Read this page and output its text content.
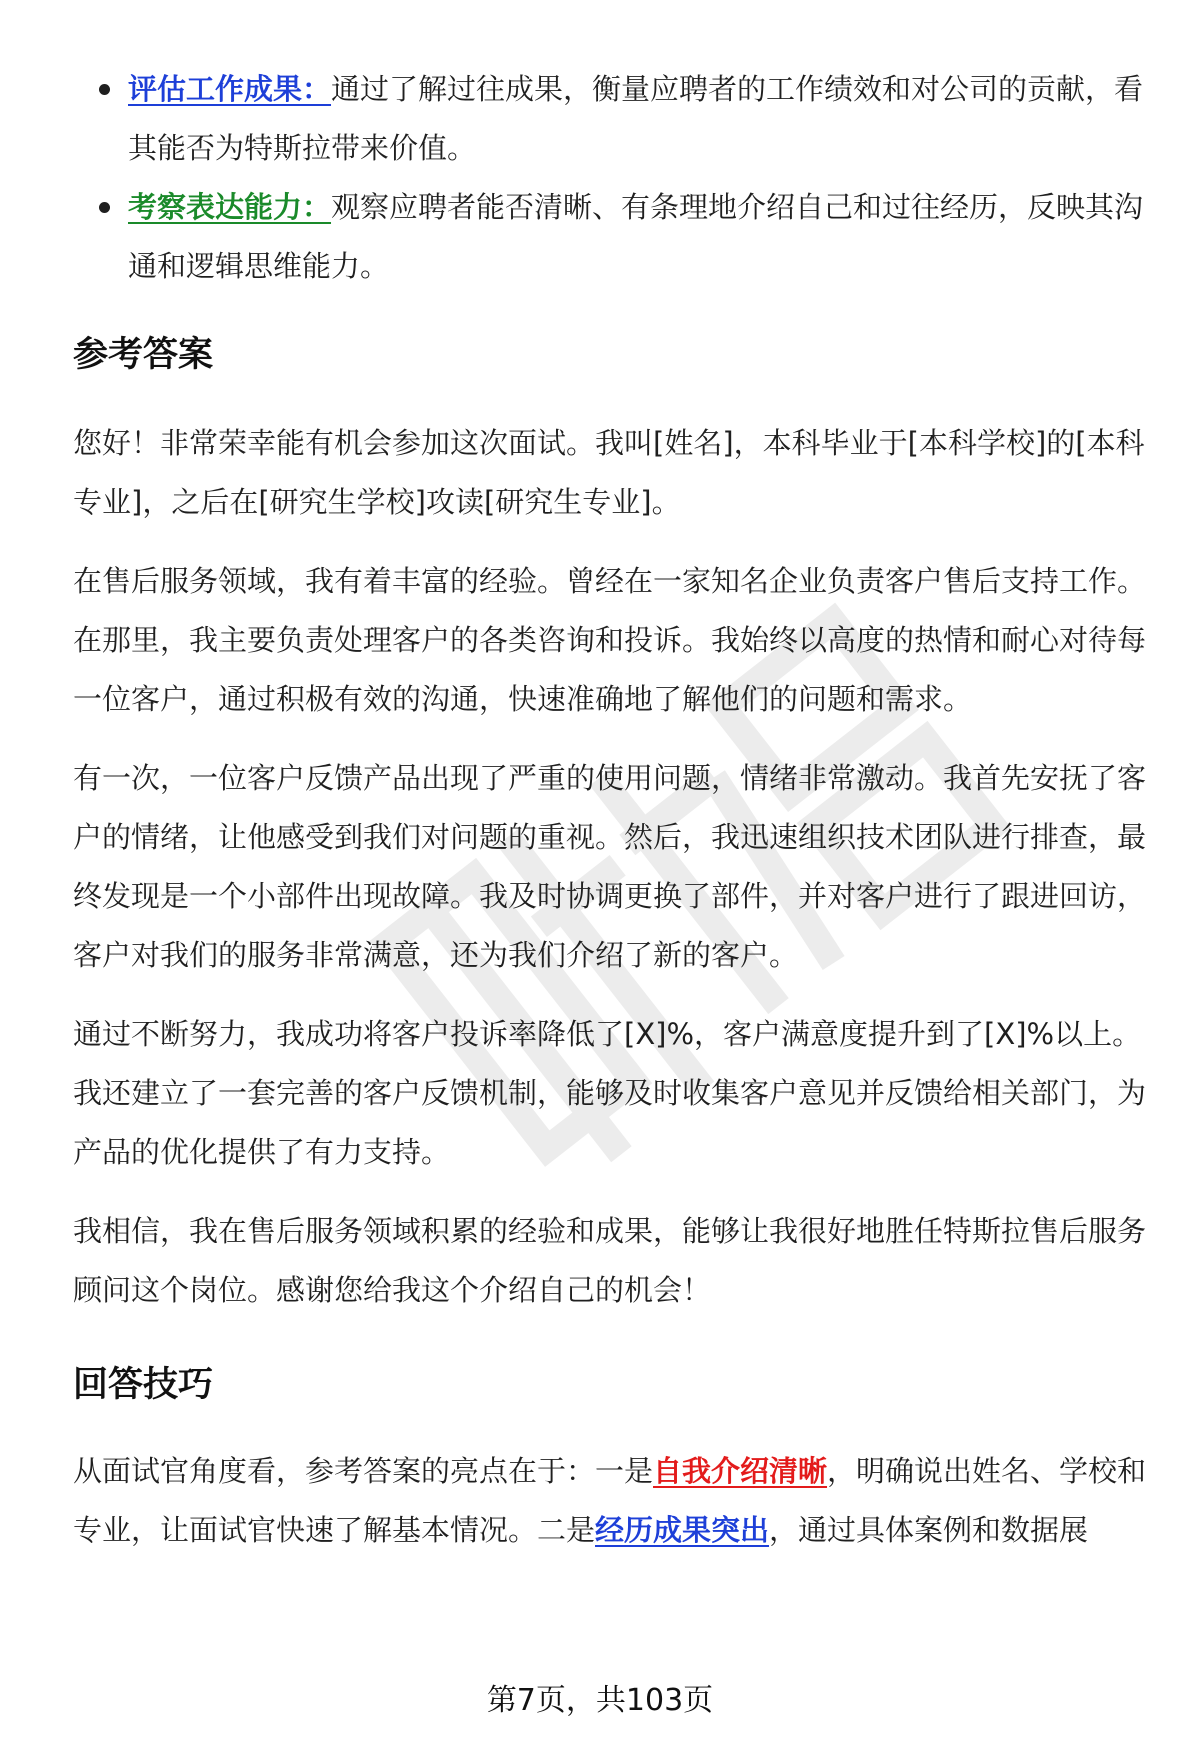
评估工作成果：通过了解过往成果，衡量应聘者的工作绩效和对公司的贡献，看其能否为特斯拉带来价值。
考察表达能力：观察应聘者能否清晰、有条理地介绍自己和过往经历，反映其沟通和逻辑思维能力。
参考答案

您好！非常荣幸能有机会参加这次面试。我叫[姓名]，本科毕业于[本科学校]的[本科专业]，之后在[研究生学校]攻读[研究生专业]。

在售后服务领域，我有着丰富的经验。曾经在一家知名企业负责客户售后支持工作。在那里，我主要负责处理客户的各类咨询和投诉。我始终以高度的热情和耐心对待每一位客户，通过积极有效的沟通，快速准确地了解他们的问题和需求。

有一次，一位客户反馈产品出现了严重的使用问题，情绪非常激动。我首先安抚了客户的情绪，让他感受到我们对问题的重视。然后，我迅速组织技术团队进行排查，最终发现是一个小部件出现故障。我及时协调更换了部件，并对客户进行了跟进回访，客户对我们的服务非常满意，还为我们介绍了新的客户。

通过不断努力，我成功将客户投诉率降低了[X]%，客户满意度提升到了[X]%以上。我还建立了一套完善的客户反馈机制，能够及时收集客户意见并反馈给相关部门，为产品的优化提供了有力支持。

我相信，我在售后服务领域积累的经验和成果，能够让我很好地胜任特斯拉售后服务顾问这个岗位。感谢您给我这个介绍自己的机会！

回答技巧

从面试官角度看，参考答案的亮点在于：一是自我介绍清晰，明确说出姓名、学校和专业，让面试官快速了解基本情况。二是经历成果突出，通过具体案例和数据展

第7页，共103页
